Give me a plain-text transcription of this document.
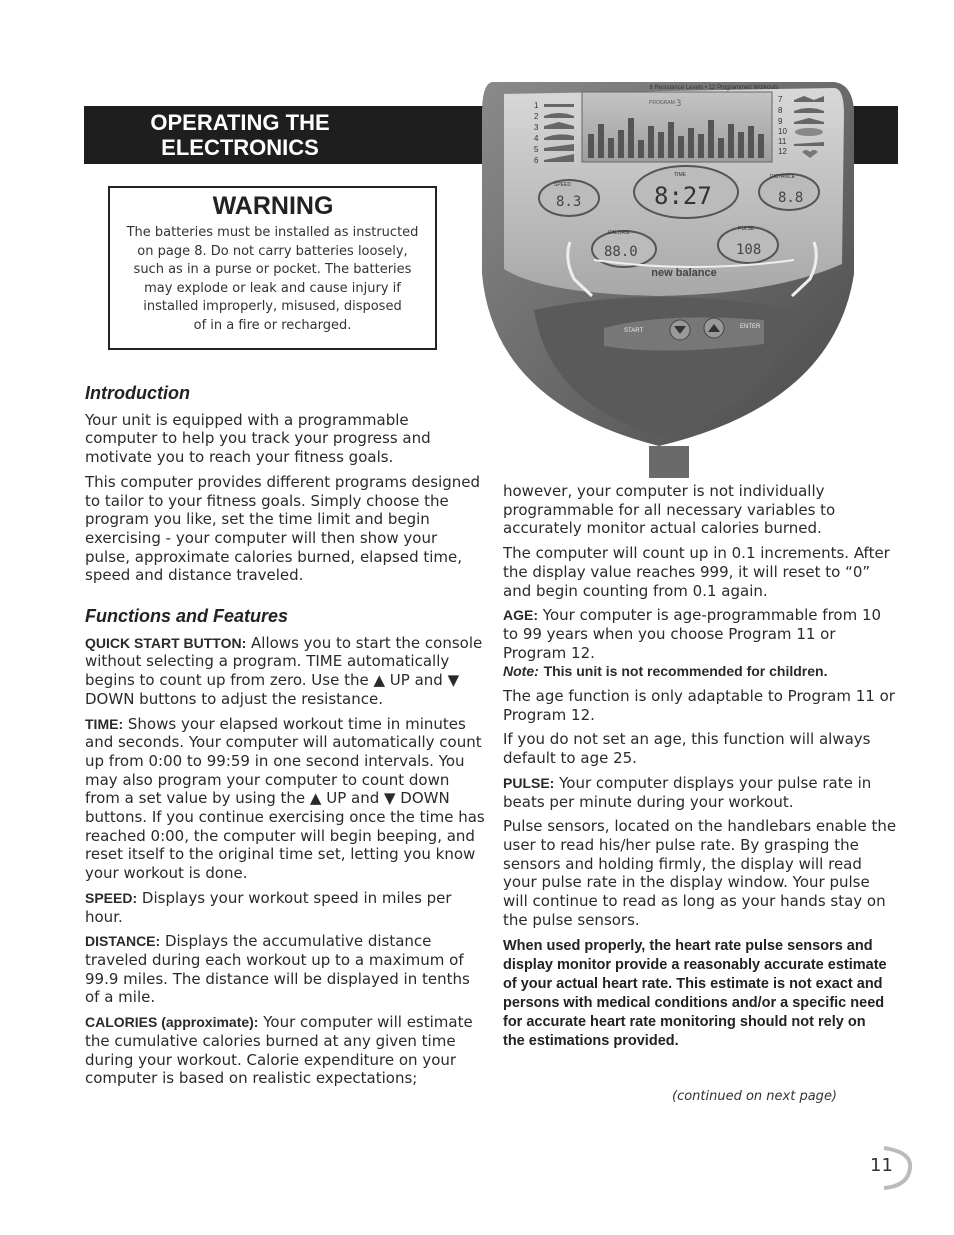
OPERATING THE
ELECTRONICS
8 Resistance Levels • 12 Programmed Workouts
PROGRAM 3
1
2
3
4
5
6
7
8
9
10
11
12
SPEED
8.3
TIME
8:27
DISTANCE
8.8
CALORIE
88.0
PULSE
108
new balance
START
ENTER
WARNING
The batteries must be installed as instructed
on page 8. Do not carry batteries loosely,
such as in a purse or pocket. The batteries
may explode or leak and cause injury if
installed improperly, misused, disposed
of in a fire or recharged.
Introduction

Your unit is equipped with a programmable computer to help you track your progress and motivate you to reach your fitness goals.

This computer provides different programs designed to tailor to your fitness goals. Simply choose the program you like, set the time limit and begin exercising - your computer will then show your pulse, approximate calories burned, elapsed time, speed and distance traveled.

Functions and Features

QUICK START BUTTON: Allows you to start the console without selecting a program. TIME automatically begins to count up from zero. Use the ▲ UP and ▼ DOWN buttons to adjust the resistance.

TIME: Shows your elapsed workout time in minutes and seconds. Your computer will automatically count up from 0:00 to 99:59 in one second intervals. You may also program your computer to count down from a set value by using the ▲ UP and ▼ DOWN buttons. If you continue exercising once the time has reached 0:00, the computer will begin beeping, and reset itself to the original time set, letting you know your workout is done.

SPEED: Displays your workout speed in miles per hour.

DISTANCE: Displays the accumulative distance traveled during each workout up to a maximum of 99.9 miles. The distance will be displayed in tenths of a mile.

CALORIES (approximate): Your computer will estimate the cumulative calories burned at any given time during your workout. Calorie expenditure on your computer is based on realistic expectations;

however, your computer is not individually programmable for all necessary variables to accurately monitor actual calories burned.

The computer will count up in 0.1 increments. After the display value reaches 999, it will reset to “0” and begin counting from 0.1 again.

AGE: Your computer is age-programmable from 10 to 99 years when you choose Program 11 or Program 12.

Note: This unit is not recommended for children.

The age function is only adaptable to Program 11 or Program 12.

If you do not set an age, this function will always default to age 25.

PULSE: Your computer displays your pulse rate in beats per minute during your workout.

Pulse sensors, located on the handlebars enable the user to read his/her pulse rate. By grasping the sensors and holding firmly, the display will read your pulse rate in the display window. Your pulse will continue to read as long as your hands stay on the pulse sensors.

When used properly, the heart rate pulse sensors and display monitor provide a reasonably accurate estimate of your actual heart rate. This estimate is not exact and persons with medical conditions and/or a specific need for accurate heart rate monitoring should not rely on the estimations provided.

(continued on next page)
11
